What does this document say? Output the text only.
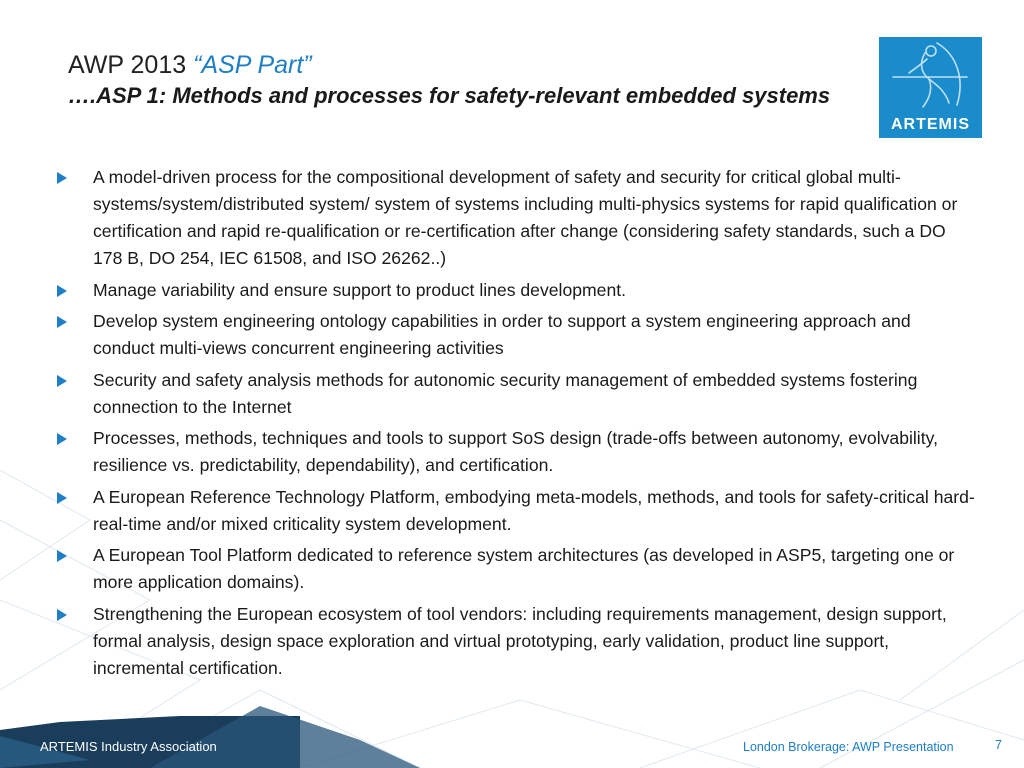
AWP 2013 “ASP Part”
….ASP 1: Methods and processes for safety-relevant embedded systems
ARTEMIS
A model-driven process for the compositional development of safety and security for critical global multi-systems/system/distributed system/ system of systems including multi-physics systems for rapid qualification or certification and rapid re-qualification or re-certification after change (considering safety standards, such a DO 178 B, DO 254, IEC 61508, and ISO 26262..)
Manage variability and ensure support to product lines development.
Develop system engineering ontology capabilities in order to support a system engineering approach and conduct multi-views concurrent engineering activities
Security and safety analysis methods for autonomic security management of embedded systems fostering connection to the Internet
Processes, methods, techniques and tools to support SoS design (trade-offs between autonomy, evolvability, resilience vs. predictability, dependability), and certification.
A European Reference Technology Platform, embodying meta-models, methods, and tools for safety-critical hard-real-time and/or mixed criticality system development.
A European Tool Platform dedicated to reference system architectures (as developed in ASP5, targeting one or more application domains).
Strengthening the European ecosystem of tool vendors: including requirements management, design support, formal analysis, design space exploration and virtual prototyping, early validation, product line support, incremental certification.
ARTEMIS Industry Association	London Brokerage: AWP Presentation	7
